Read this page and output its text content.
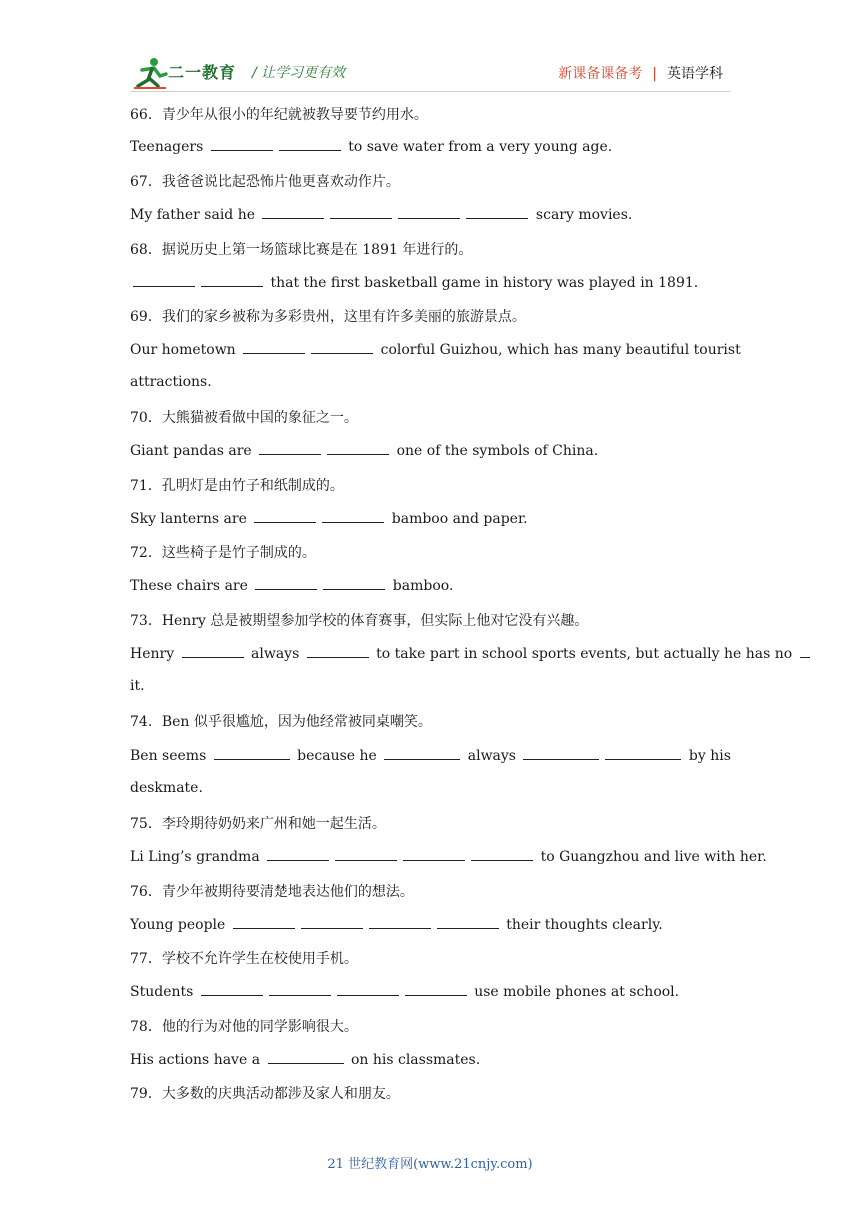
二一教育 / 让学习更有效	新课备课备考 | 英语学科
66．青少年从很小的年纪就被教导要节约用水。
Teenagers	to save water from a very young age.
67．我爸爸说比起恐怖片他更喜欢动作片。
My father said he	scary movies.
68．据说历史上第一场篮球比赛是在 1891 年进行的。
that the first basketball game in history was played in 1891.
69．我们的家乡被称为多彩贵州，这里有许多美丽的旅游景点。
Our hometown	colorful Guizhou, which has many beautiful tourist
attractions.
70．大熊猫被看做中国的象征之一。
Giant pandas are	one of the symbols of China.
71．孔明灯是由竹子和纸制成的。
Sky lanterns are	bamboo and paper.
72．这些椅子是竹子制成的。
These chairs are	bamboo.
73．Henry 总是被期望参加学校的体育赛事，但实际上他对它没有兴趣。
Henry	always	to take part in school sports events, but actually he has no
it.
74．Ben 似乎很尴尬，因为他经常被同桌嘲笑。
Ben seems	because he	always	by his
deskmate.
75．李玲期待奶奶来广州和她一起生活。
Li Ling’s grandma	to Guangzhou and live with her.
76．青少年被期待要清楚地表达他们的想法。
Young people	their thoughts clearly.
77．学校不允许学生在校使用手机。
Students	use mobile phones at school.
78．他的行为对他的同学影响很大。
His actions have a	on his classmates.
79．大多数的庆典活动都涉及家人和朋友。
21 世纪教育网(www.21cnjy.com)
